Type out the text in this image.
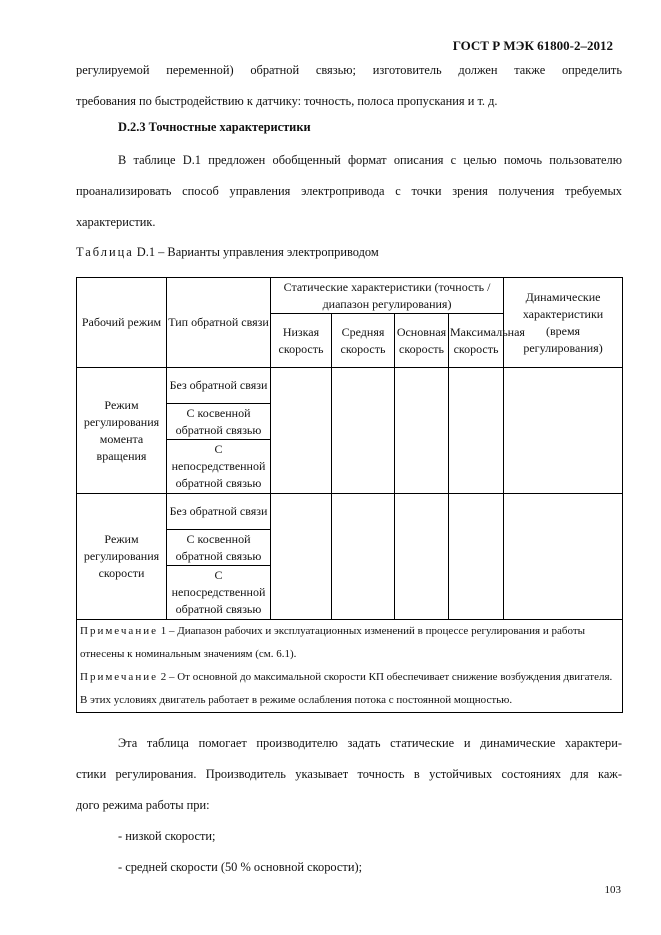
ГОСТ Р МЭК 61800-2–2012
регулируемой переменной) обратной связью; изготовитель должен также определить
требования по быстродействию к датчику: точность, полоса пропускания и т. д.
D.2.3 Точностные характеристики
В таблице D.1 предложен обобщенный формат описания с целью помочь пользователю
проанализировать способ управления электропривода с точки зрения получения требуемых
характеристик.
Таблица D.1 – Варианты управления электроприводом
Рабочий режим	Тип обратной связи	Статические характеристики (точность /диапазон регулирования)				Динамические характеристики (время регулирования)
		Низкая скорость	Средняя скорость	Основная скорость	Максимальная скорость	
Режим регулирования момента вращения	Без обратной связи					
	С косвенной обратной связью					
	С непосредственной обратной связью					
Режим регулирования скорости	Без обратной связи					
	С косвенной обратной связью					
	С непосредственной обратной связью					

Примечание 1 – Диапазон рабочих и эксплуатационных изменений в процессе регулирования и работы отнесены к номинальным значениям (см. 6.1).
Примечание 2 – От основной до максимальной скорости КП обеспечивает снижение возбуждения двигателя. В этих условиях двигатель работает в режиме ослабления потока с постоянной мощностью.						
Эта таблица помогает производителю задать статические и динамические характери-
стики регулирования. Производитель указывает точность в устойчивых состояниях для каж-
дого режима работы при:
- низкой скорости;
- средней скорости (50 % основной скорости);
103
